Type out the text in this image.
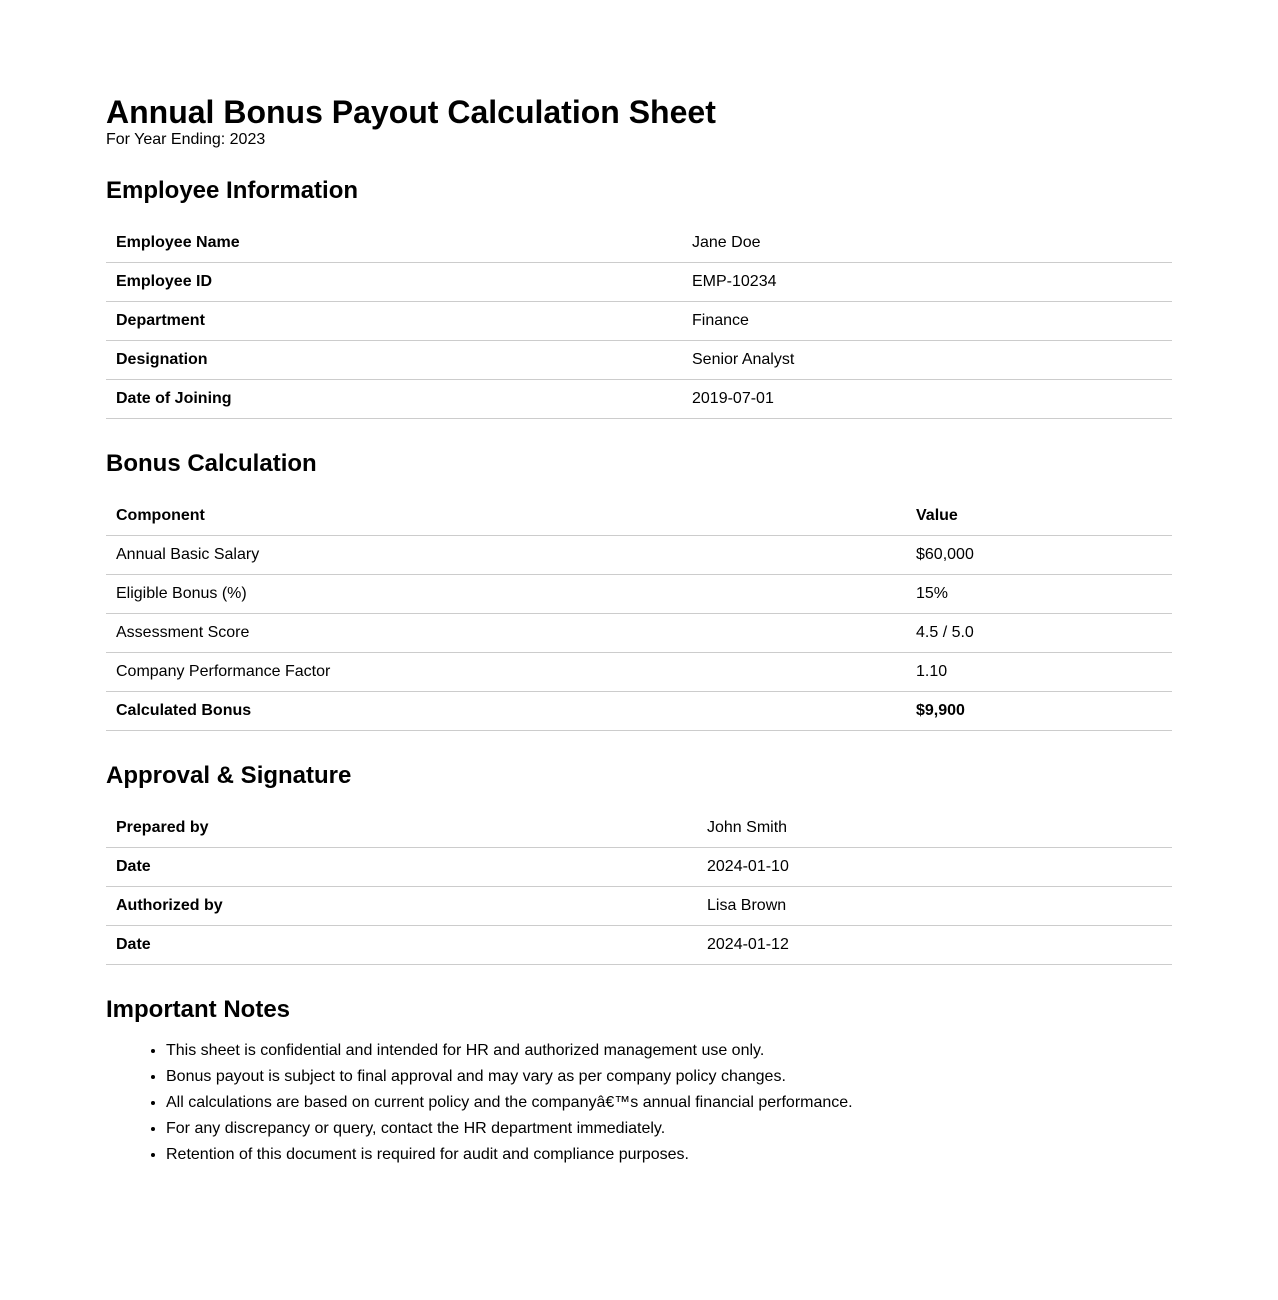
Annual Bonus Payout Calculation Sheet

For Year Ending: 2023

Employee Information
Employee Name	Jane Doe
Employee ID	EMP-10234
Department	Finance
Designation	Senior Analyst
Date of Joining	2019-07-01
Bonus Calculation
Component	Value
Annual Basic Salary	$60,000
Eligible Bonus (%)	15%
Assessment Score	4.5 / 5.0
Company Performance Factor	1.10
Calculated Bonus	$9,900
Approval & Signature
Prepared by	John Smith
Date	2024-01-10
Authorized by	Lisa Brown
Date	2024-01-12
Important Notes
• This sheet is confidential and intended for HR and authorized management use only.
• Bonus payout is subject to final approval and may vary as per company policy changes.
• All calculations are based on current policy and the companyâ€™s annual financial performance.
• For any discrepancy or query, contact the HR department immediately.
• Retention of this document is required for audit and compliance purposes.
